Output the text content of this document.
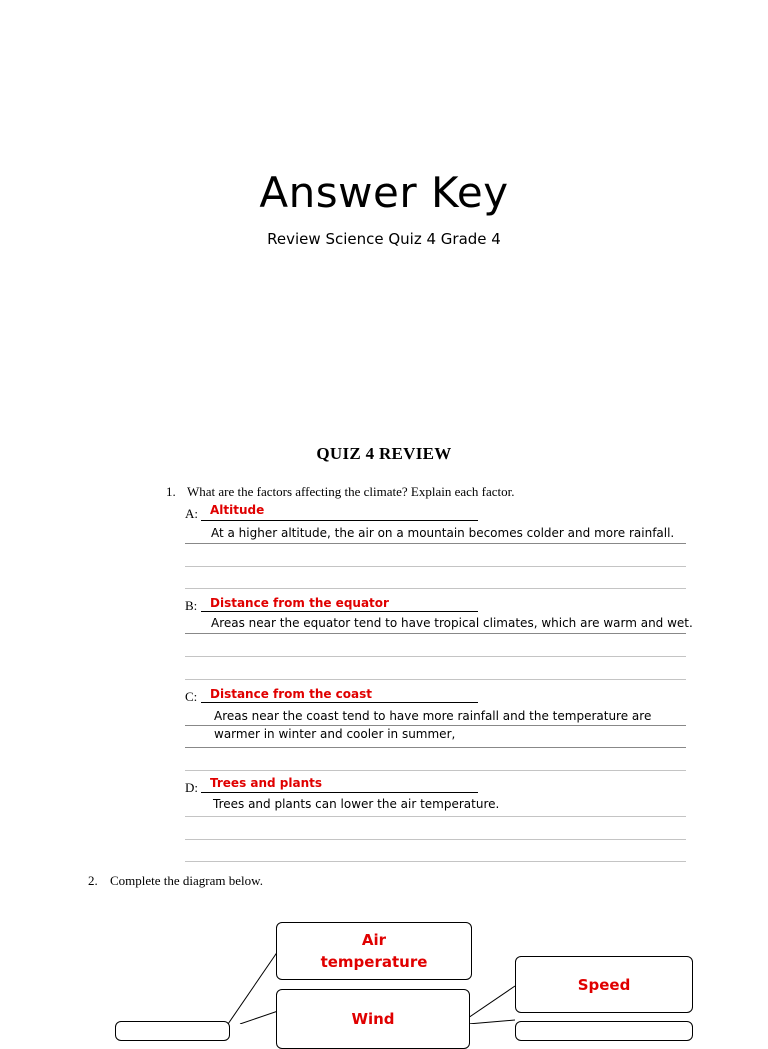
Answer Key
Review Science Quiz 4 Grade 4
QUIZ 4 REVIEW
1. What are the factors affecting the climate? Explain each factor.
A: Altitude
At a higher altitude, the air on a mountain becomes colder and more rainfall.
B: Distance from the equator
Areas near the equator tend to have tropical climates, which are warm and wet.
C: Distance from the coast
Areas near the coast tend to have more rainfall and the temperature are
warmer in winter and cooler in summer,
D: Trees and plants
Trees and plants can lower the air temperature.
2. Complete the diagram below.
Air temperature
Speed
Wind
